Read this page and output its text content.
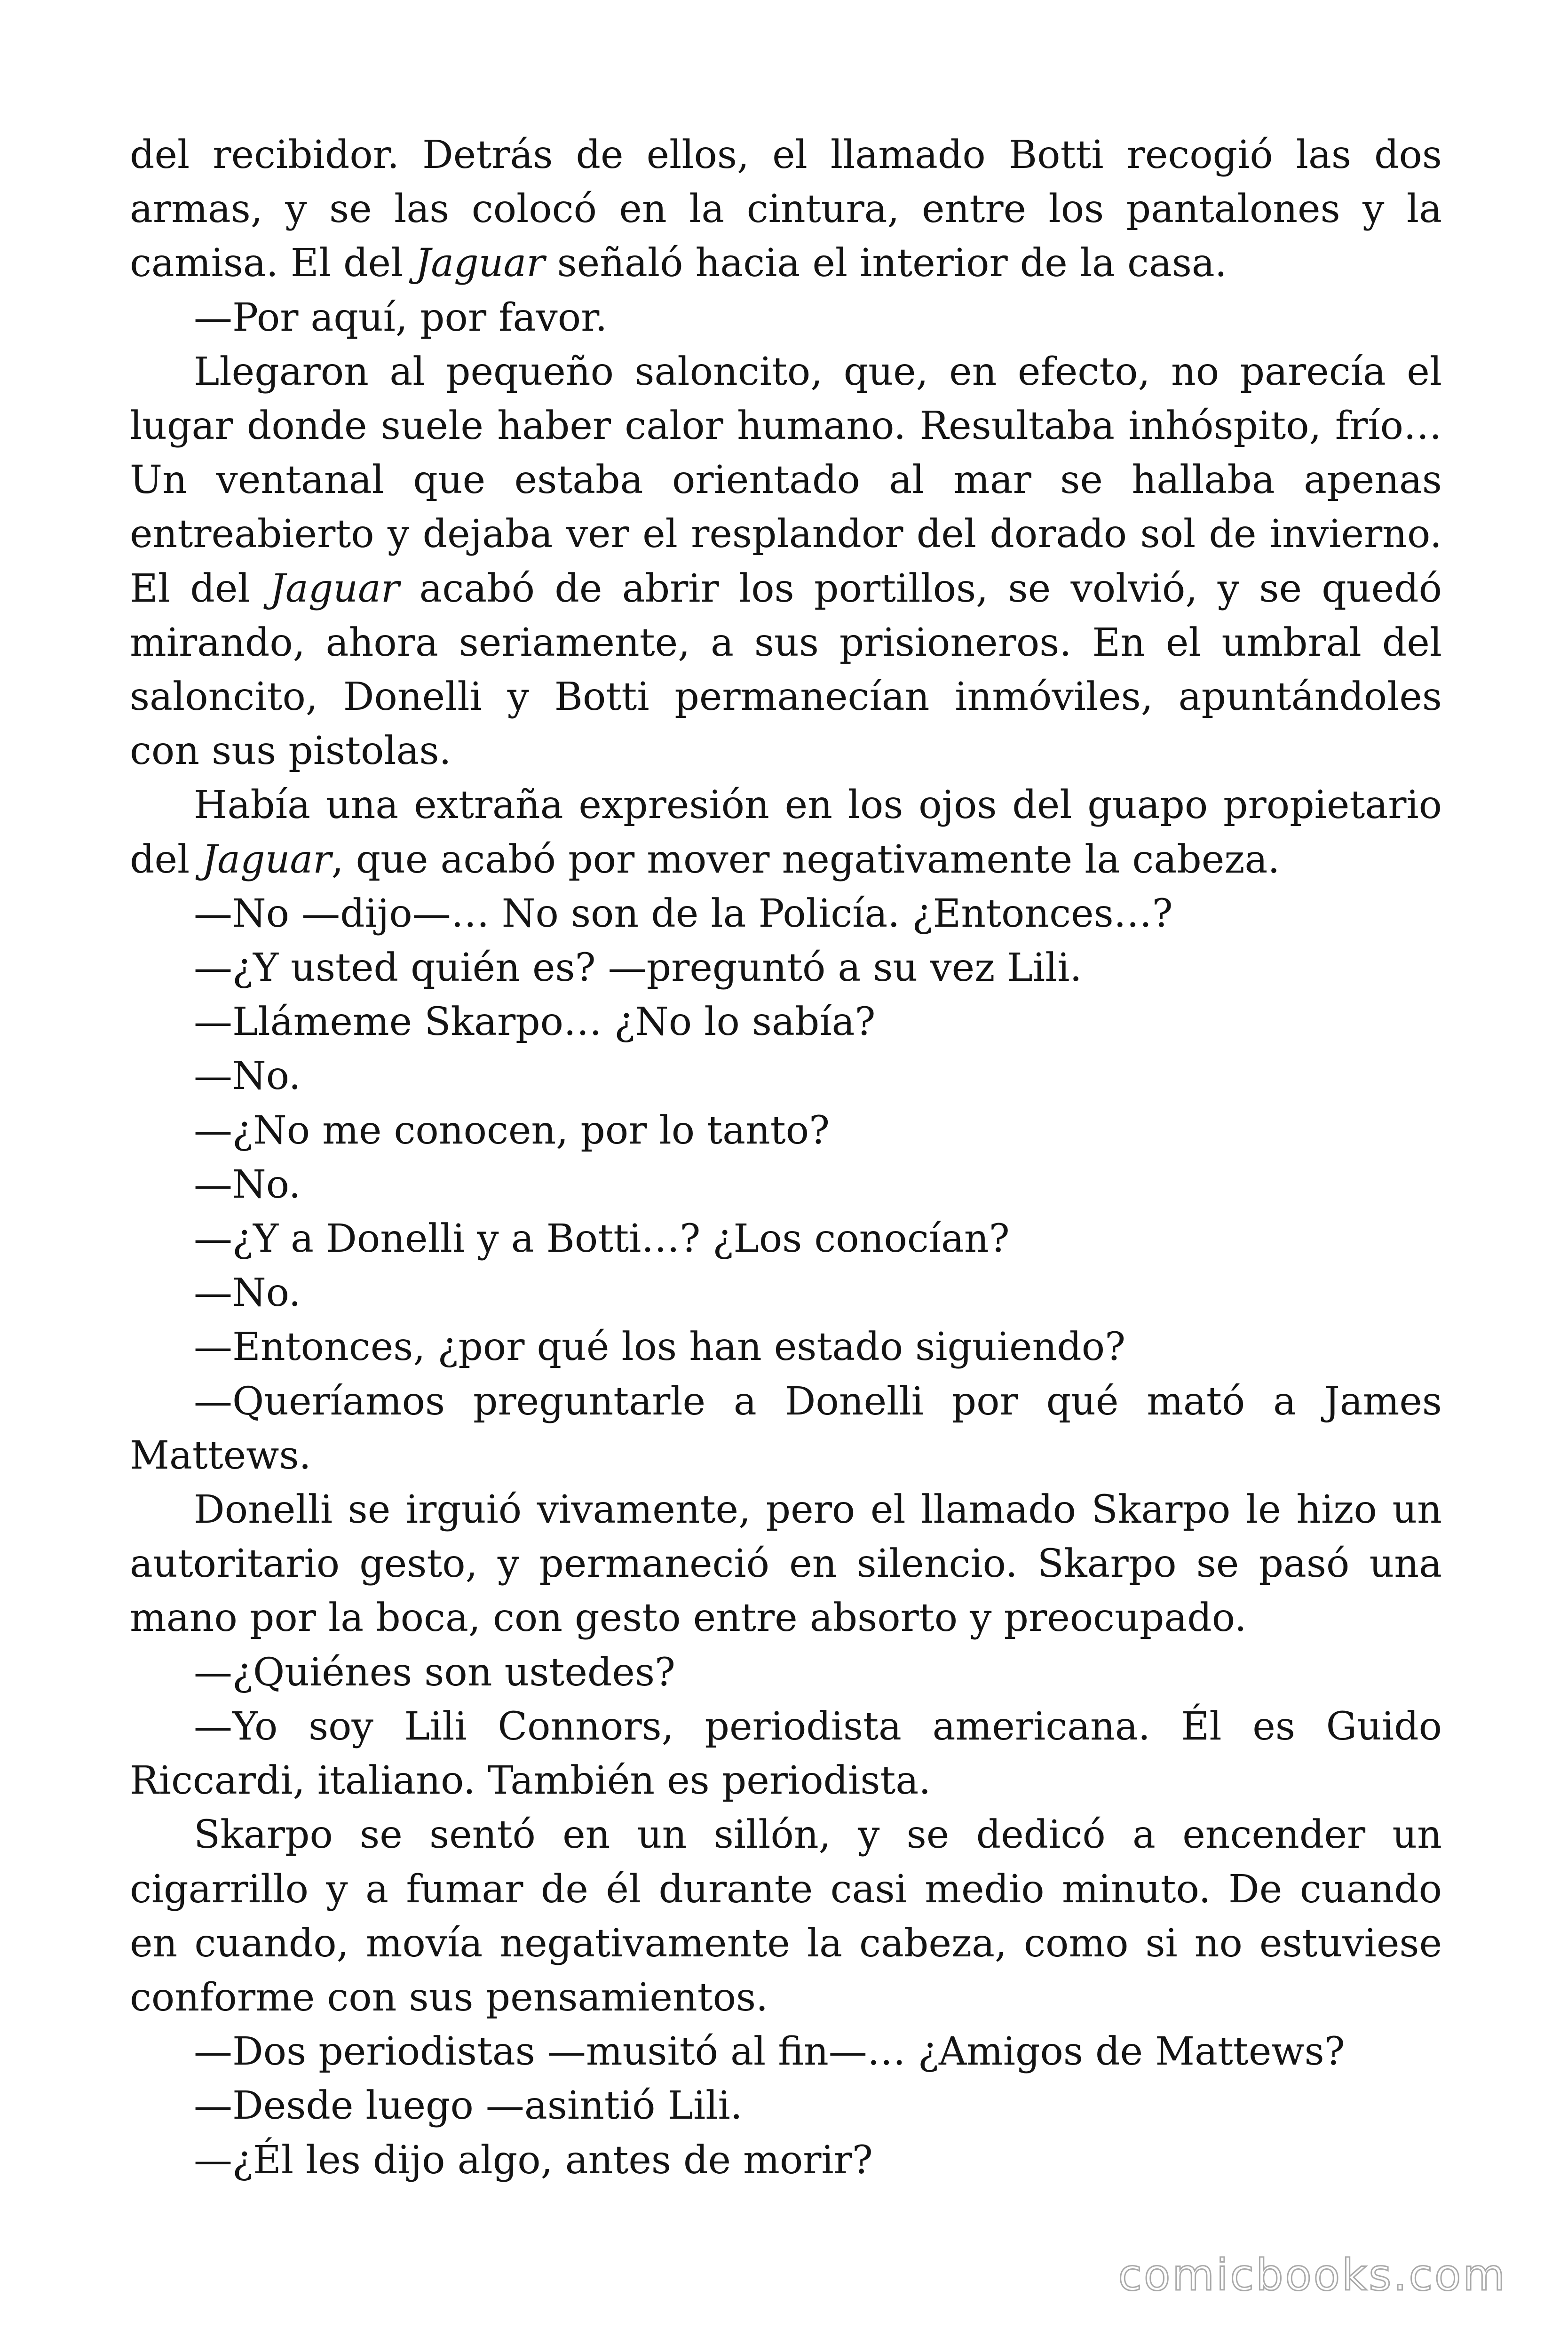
del recibidor. Detrás de ellos, el llamado Botti recogió las dos armas, y se las colocó en la cintura, entre los pantalones y la camisa. El del Jaguar señaló hacia el interior de la casa.

—Por aquí, por favor.

Llegaron al pequeño saloncito, que, en efecto, no parecía el lugar donde suele haber calor humano. Resultaba inhóspito, frío… Un ventanal que estaba orientado al mar se hallaba apenas entreabierto y dejaba ver el resplandor del dorado sol de invierno. El del Jaguar acabó de abrir los portillos, se volvió, y se quedó mirando, ahora seriamente, a sus prisioneros. En el umbral del saloncito, Donelli y Botti permanecían inmóviles, apuntándoles con sus pistolas.

Había una extraña expresión en los ojos del guapo propietario del Jaguar, que acabó por mover negativamente la cabeza.

—No —dijo—… No son de la Policía. ¿Entonces…?

—¿Y usted quién es? —preguntó a su vez Lili.

—Llámeme Skarpo… ¿No lo sabía?

—No.

—¿No me conocen, por lo tanto?

—No.

—¿Y a Donelli y a Botti…? ¿Los conocían?

—No.

—Entonces, ¿por qué los han estado siguiendo?

—Queríamos preguntarle a Donelli por qué mató a James Mattews.

Donelli se irguió vivamente, pero el llamado Skarpo le hizo un autoritario gesto, y permaneció en silencio. Skarpo se pasó una mano por la boca, con gesto entre absorto y preocupado.

—¿Quiénes son ustedes?

—Yo soy Lili Connors, periodista americana. Él es Guido Riccardi, italiano. También es periodista.

Skarpo se sentó en un sillón, y se dedicó a encender un cigarrillo y a fumar de él durante casi medio minuto. De cuando en cuando, movía negativamente la cabeza, como si no estuviese conforme con sus pensamientos.

—Dos periodistas —musitó al fin—… ¿Amigos de Mattews?

—Desde luego —asintió Lili.

—¿Él les dijo algo, antes de morir?

comicbooks.com
